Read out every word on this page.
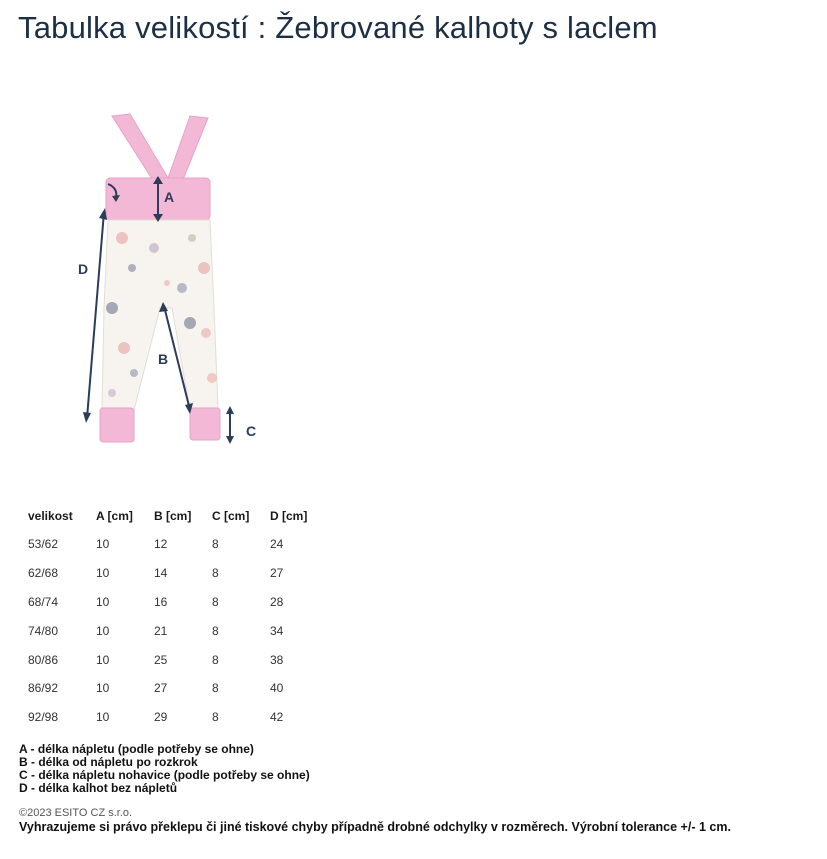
Tabulka velikostí : Žebrované kalhoty s laclem
A
D
B
C
velikost	A [cm]	B [cm]	C [cm]	D [cm]
53/62	10	12	8	24
62/68	10	14	8	27
68/74	10	16	8	28
74/80	10	21	8	34
80/86	10	25	8	38
86/92	10	27	8	40
92/98	10	29	8	42
A - délka nápletu (podle potřeby se ohne)
B - délka od nápletu po rozkrok
C - délka nápletu nohavice (podle potřeby se ohne)
D - délka kalhot bez nápletů
©2023 ESITO CZ s.r.o.
Vyhrazujeme si právo překlepu či jiné tiskové chyby případně drobné odchylky v rozměrech. Výrobní tolerance +/- 1 cm.
